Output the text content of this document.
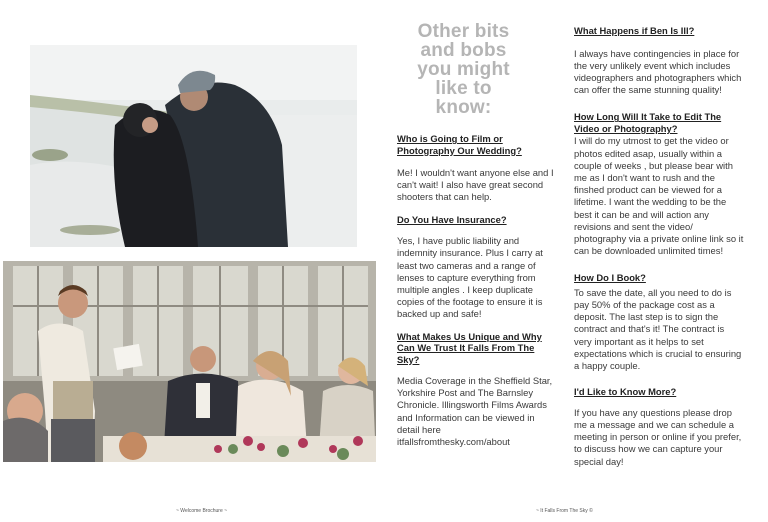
Other bits
and bobs
you might
like to
know:

Who is Going to Film or Photography Our Wedding?

Me! I wouldn't want anyone else and I can't wait! I also have great second shooters that can help.

Do You Have Insurance?

Yes, I have public liability and indemnity insurance. Plus I carry at least two cameras and a range of lenses to capture everything from multiple angles . I keep duplicate copies of the footage to ensure it is backed up and safe!

What Makes Us Unique and Why Can We Trust It Falls From The Sky?

Media Coverage in the Sheffield Star, Yorkshire Post and The Barnsley Chronicle. Illingsworth Films Awards and Information can be viewed in detail here itfallsfromthesky.com/about

What Happens if Ben Is Ill?

I always have contingencies in place for the very unlikely event which includes videographers and photographers which can offer the same stunning quality!

How Long Will It Take to Edit The Video or Photography?

I will do my utmost to get the video or photos edited asap, usually within a couple of weeks , but please bear with me as I don't want to rush and the finshed product can be viewed for a lifetime. I want the wedding to be the best it can be and will action any revisions and sent the video/ photography via a private online link so it can be downloaded unlimited times!

How Do I Book?

To save the date, all you need to do is pay 50% of the package cost as a deposit. The last step is to sign the contract and that's it! The contract is very important as it helps to set expectations which is crucial to ensuring a happy couple.

I'd Like to Know More?

If you have any questions please drop me a message and we can schedule a meeting in person or online if you prefer, to discuss how we can capture your special day!

~ Welcome Brochure ~	~ It Falls From The Sky ©
